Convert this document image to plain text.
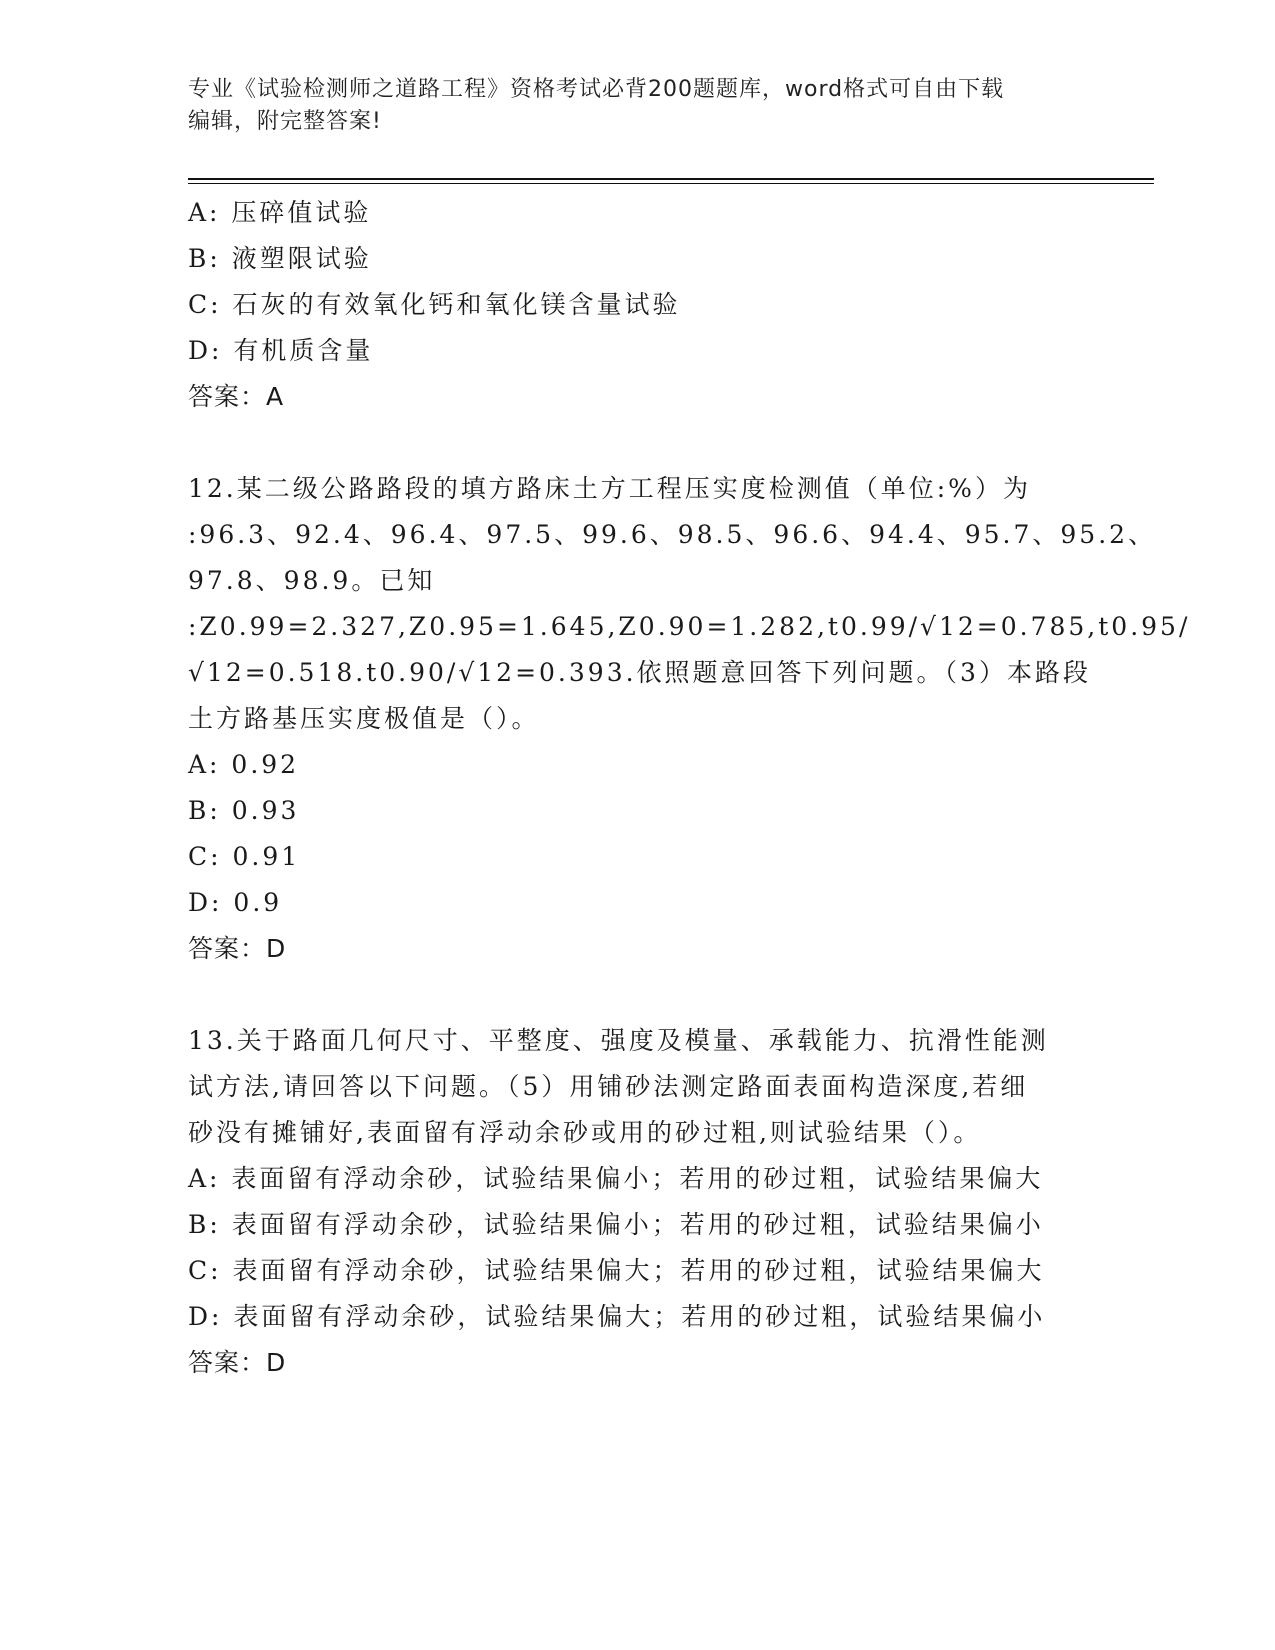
专业《试验检测师之道路工程》资格考试必背200题题库，word格式可自由下载
编辑，附完整答案!
A: 压碎值试验
B: 液塑限试验
C: 石灰的有效氧化钙和氧化镁含量试验
D: 有机质含量
答案：A
12.某二级公路路段的填方路床土方工程压实度检测值（单位:%）为
:96.3、92.4、96.4、97.5、99.6、98.5、96.6、94.4、95.7、95.2、
97.8、98.9。已知
:Z0.99=2.327,Z0.95=1.645,Z0.90=1.282,t0.99/√12=0.785,t0.95/
√12=0.518.t0.90/√12=0.393.依照题意回答下列问题。（3）本路段
土方路基压实度极值是（）。
A: 0.92
B: 0.93
C: 0.91
D: 0.9
答案：D
13.关于路面几何尺寸、平整度、强度及模量、承载能力、抗滑性能测
试方法,请回答以下问题。（5）用铺砂法测定路面表面构造深度,若细
砂没有摊铺好,表面留有浮动余砂或用的砂过粗,则试验结果（）。
A: 表面留有浮动余砂，试验结果偏小；若用的砂过粗，试验结果偏大
B: 表面留有浮动余砂，试验结果偏小；若用的砂过粗，试验结果偏小
C: 表面留有浮动余砂，试验结果偏大；若用的砂过粗，试验结果偏大
D: 表面留有浮动余砂，试验结果偏大；若用的砂过粗，试验结果偏小
答案：D
